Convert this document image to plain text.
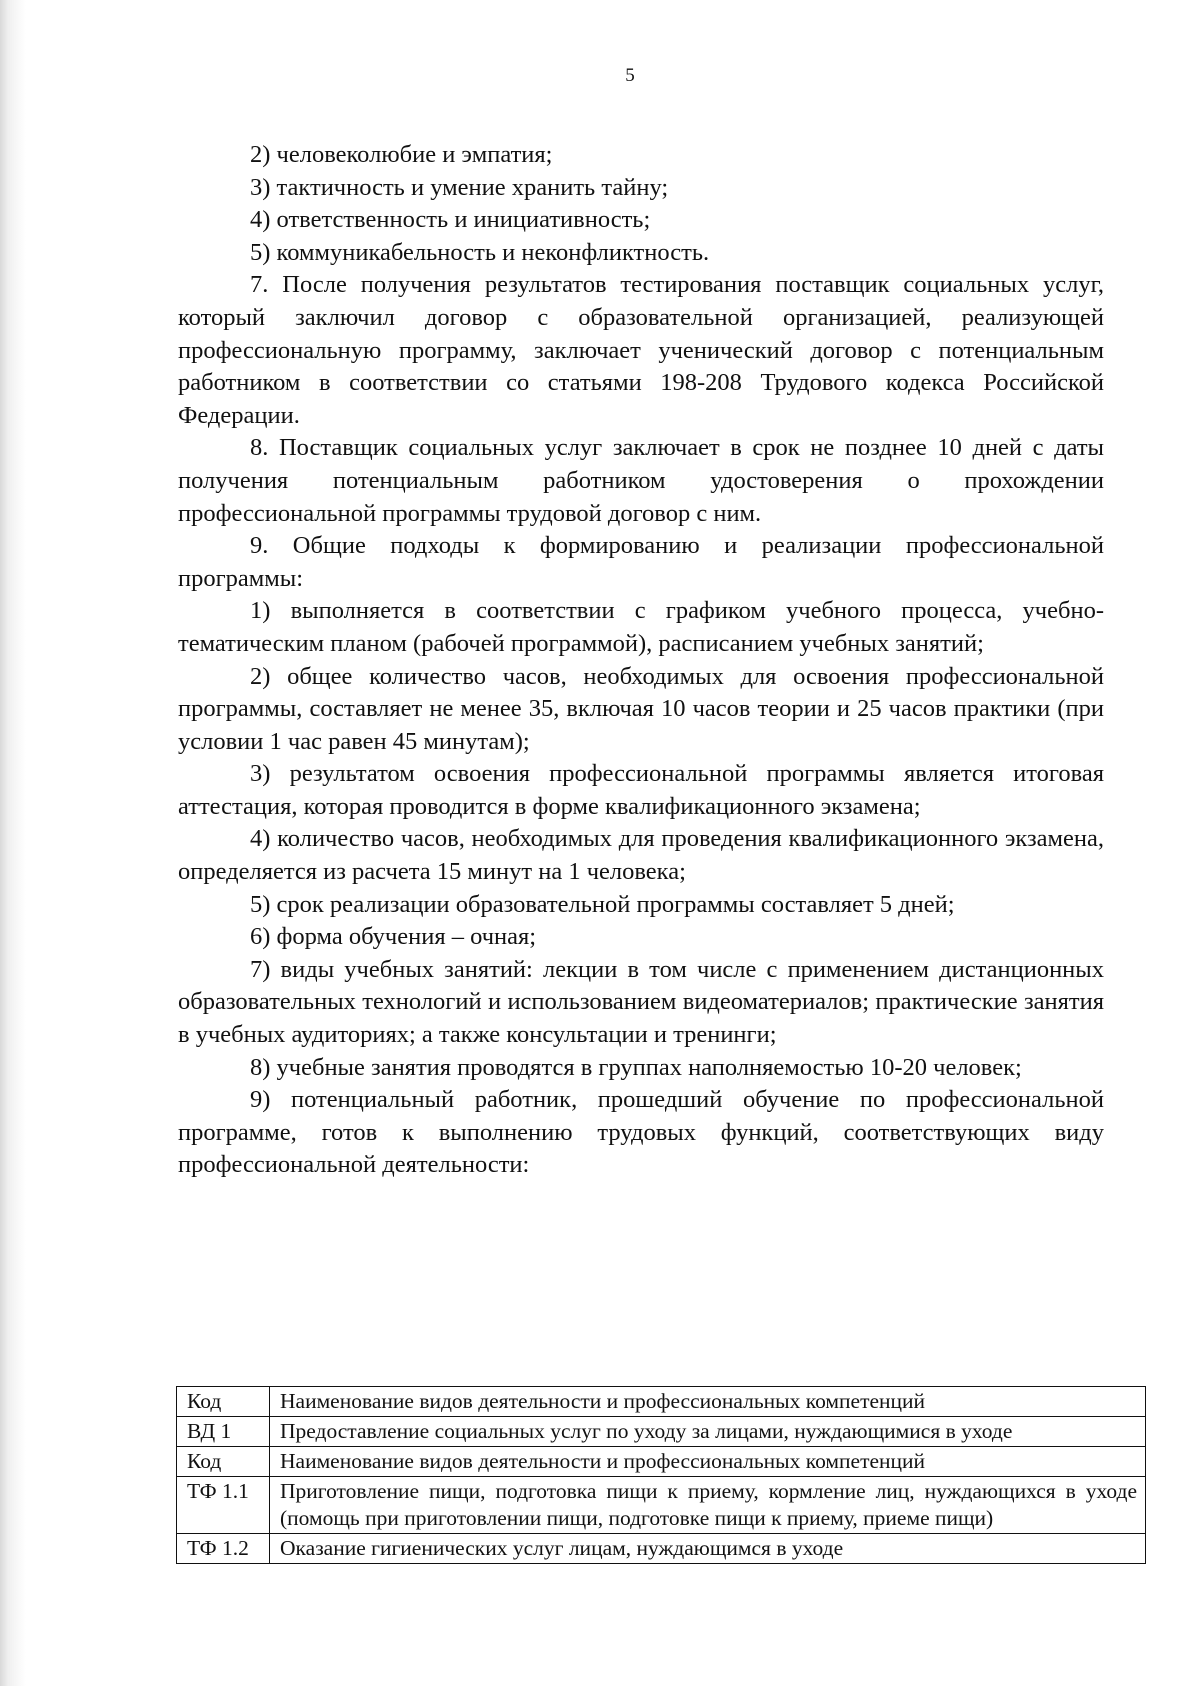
5

2) человеколюбие и эмпатия;

3) тактичность и умение хранить тайну;

4) ответственность и инициативность;

5) коммуникабельность и неконфликтность.

7. После получения результатов тестирования поставщик социальных услуг, который заключил договор с образовательной организацией, реализующей профессиональную программу, заключает ученический договор с потенциальным работником в соответствии со статьями 198-208 Трудового кодекса Российской Федерации.

8. Поставщик социальных услуг заключает в срок не позднее 10 дней с даты получения потенциальным работником удостоверения о прохождении профессиональной программы трудовой договор с ним.

9. Общие подходы к формированию и реализации профессиональной программы:

1) выполняется в соответствии с графиком учебного процесса, учебно-тематическим планом (рабочей программой), расписанием учебных занятий;

2) общее количество часов, необходимых для освоения профессиональной программы, составляет не менее 35, включая 10 часов теории и 25 часов практики (при условии 1 час равен 45 минутам);

3) результатом освоения профессиональной программы является итоговая аттестация, которая проводится в форме квалификационного экзамена;

4) количество часов, необходимых для проведения квалификационного экзамена, определяется из расчета 15 минут на 1 человека;

5) срок реализации образовательной программы составляет 5 дней;

6) форма обучения – очная;

7) виды учебных занятий: лекции в том числе с применением дистанционных образовательных технологий и использованием видеоматериалов; практические занятия в учебных аудиториях; а также консультации и тренинги;

8) учебные занятия проводятся в группах наполняемостью 10-20 человек;

9) потенциальный работник, прошедший обучение по профессиональной программе, готов к выполнению трудовых функций, соответствующих виду профессиональной деятельности:

Код	Наименование видов деятельности и профессиональных компетенций
ВД 1	Предоставление социальных услуг по уходу за лицами, нуждающимися в уходе
Код	Наименование видов деятельности и профессиональных компетенций
ТФ 1.1	Приготовление пищи, подготовка пищи к приему, кормление лиц, нуждающихся в уходе (помощь при приготовлении пищи, подготовке пищи к приему, приеме пищи)
ТФ 1.2	Оказание гигиенических услуг лицам, нуждающимся в уходе
